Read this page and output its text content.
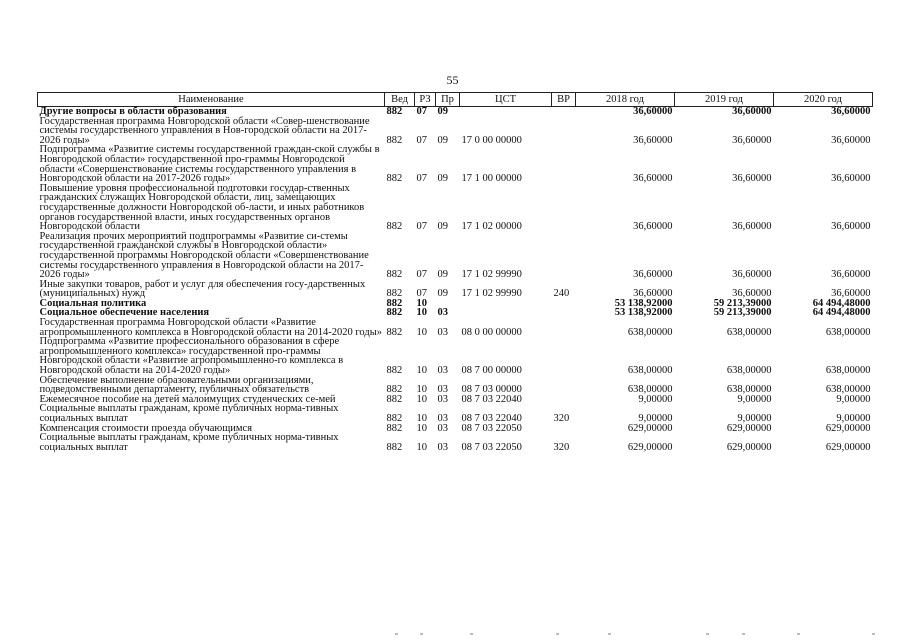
55
Наименование	Вед	РЗ	Пр	ЦСТ	ВР	2018 год	2019 год	2020 год
Другие вопросы в области образования	882	07	09			36,60000	36,60000	36,60000
Государственная программа Новгородской области «Совер-шенствование системы государственного управления в Нов-городской области на 2017-2026 годы»	882	07	09	17 0 00 00000		36,60000	36,60000	36,60000
Подпрограмма «Развитие системы государственной граждан-ской службы в Новгородской области» государственной про-граммы Новгородской области «Совершенствование системы государственного управления в Новгородской области на 2017-2026 годы»	882	07	09	17 1 00 00000		36,60000	36,60000	36,60000
Повышение уровня профессиональной подготовки государ-ственных гражданских служащих Новгородской области, лиц, замещающих государственные должности Новгородской об-ласти, и иных работников органов государственной власти, иных государственных органов Новгородской области	882	07	09	17 1 02 00000		36,60000	36,60000	36,60000
Реализация прочих мероприятий подпрограммы «Развитие си-стемы государственной гражданской службы в Новгородской области» государственной программы Новгородской области «Совершенствование системы государственного управления в Новгородской области на 2017-2026 годы»	882	07	09	17 1 02 99990		36,60000	36,60000	36,60000
Иные закупки товаров, работ и услуг для обеспечения госу-дарственных (муниципальных) нужд	882	07	09	17 1 02 99990	240	36,60000	36,60000	36,60000
Социальная политика	882	10				53 138,92000	59 213,39000	64 494,48000
Социальное обеспечение населения	882	10	03			53 138,92000	59 213,39000	64 494,48000
Государственная программа Новгородской области «Развитие агропромышленного комплекса в Новгородской области на 2014-2020 годы»	882	10	03	08 0 00 00000		638,00000	638,00000	638,00000
Подпрограмма «Развитие профессионального образования в сфере агропромышленного комплекса» государственной про-граммы Новгородской области «Развитие агропромышленно-го комплекса в Новгородской области на 2014-2020 годы»	882	10	03	08 7 00 00000		638,00000	638,00000	638,00000
Обеспечение выполнение образовательными организациями, подведомственными департаменту, публичных обязательств	882	10	03	08 7 03 00000		638,00000	638,00000	638,00000
Ежемесячное пособие на детей малоимущих студенческих се-мей	882	10	03	08 7 03 22040		9,00000	9,00000	9,00000
Социальные выплаты гражданам, кроме публичных норма-тивных социальных выплат	882	10	03	08 7 03 22040	320	9,00000	9,00000	9,00000
Компенсация стоимости проезда обучающимся	882	10	03	08 7 03 22050		629,00000	629,00000	629,00000
Социальные выплаты гражданам, кроме публичных норма-тивных социальных выплат	882	10	03	08 7 03 22050	320	629,00000	629,00000	629,00000
